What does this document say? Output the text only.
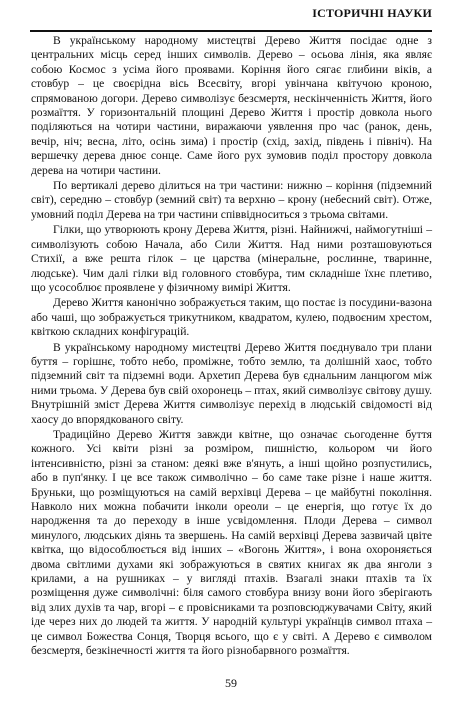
ІСТОРИЧНІ НАУКИ

В українському народному мистецтві Дерево Життя посідає одне з центральних місць серед інших символів. Дерево – осьова лінія, яка являє собою Космос з усіма його проявами. Коріння його сягає глибини віків, а стовбур – це своєрідна вісь Всесвіту, вгорі увінчана квітучою кроною, спрямованою догори. Дерево символізує безсмертя, нескінченність Життя, його розмаїття. У горизонтальній площині Дерево Життя і простір довкола нього поділяються на чотири частини, виражаючи уявлення про час (ранок, день, вечір, ніч; весна, літо, осінь зима) і простір (схід, захід, південь і північ). На вершечку дерева днює сонце. Саме його рух зумовив поділ простору довкола дерева на чотири частини.

По вертикалі дерево ділиться на три частини: нижню – коріння (підземний світ), середню – стовбур (земний світ) та верхню – крону (небесний світ). Отже, умовний поділ Дерева на три частини співвідноситься з трьома світами.

Гілки, що утворюють крону Дерева Життя, різні. Найнижчі, наймогутніші – символізують собою Начала, або Сили Життя. Над ними розташовуються Стихії, а вже решта гілок – це царства (мінеральне, рослинне, тваринне, людське). Чим далі гілки від головного стовбура, тим складніше їхнє плетиво, що усособлює проявлене у фізичному вимірі Життя.

Дерево Життя канонічно зображується таким, що постає із посудини-вазона або чаші, що зображується трикутником, квадратом, кулею, подвоєним хрестом, квіткою складних конфігурацій.

В українському народному мистецтві Дерево Життя поєднувало три плани буття – горішнє, тобто небо, проміжне, тобто землю, та долішній хаос, тобто підземний світ та підземні води. Архетип Дерева був єднальним ланцюгом між ними трьома. У Дерева був свій охоронець – птах, який символізує світову душу. Внутрішній зміст Дерева Життя символізує перехід в людській свідомості від хаосу до впорядкованого світу.

Традиційно Дерево Життя завжди квітне, що означає сьогоденне буття кожного. Усі квіти різні за розміром, пишністю, кольором чи його інтенсивністю, різні за станом: деякі вже в'януть, а інші щойно розпустились, або в пуп'янку. І це все також символічно – бо саме таке різне і наше життя. Бруньки, що розміщуються на самій верхівці Дерева – це майбутні покоління. Навколо них можна побачити інколи ореоли – це енергія, що готує їх до народження та до переходу в інше усвідомлення. Плоди Дерева – символ минулого, людських діянь та звершень. На самій верхівці Дерева зазвичай цвіте квітка, що відособлюється від інших – «Вогонь Життя», і вона охороняється двома світлими духами які зображуються в святих книгах як два янголи з крилами, а на рушниках – у вигляді птахів. Взагалі знаки птахів та їх розміщення дуже символічні: біля самого стовбура внизу вони його зберігають від злих духів та чар, вгорі – є провісниками та розповсюджувачами Світу, який іде через них до людей та життя. У народній культурі українців символ птаха – це символ Божества Сонця, Творця всього, що є у світі. А Дерево є символом безсмертя, безкінечності життя та його різнобарвного розмаїття.

59
